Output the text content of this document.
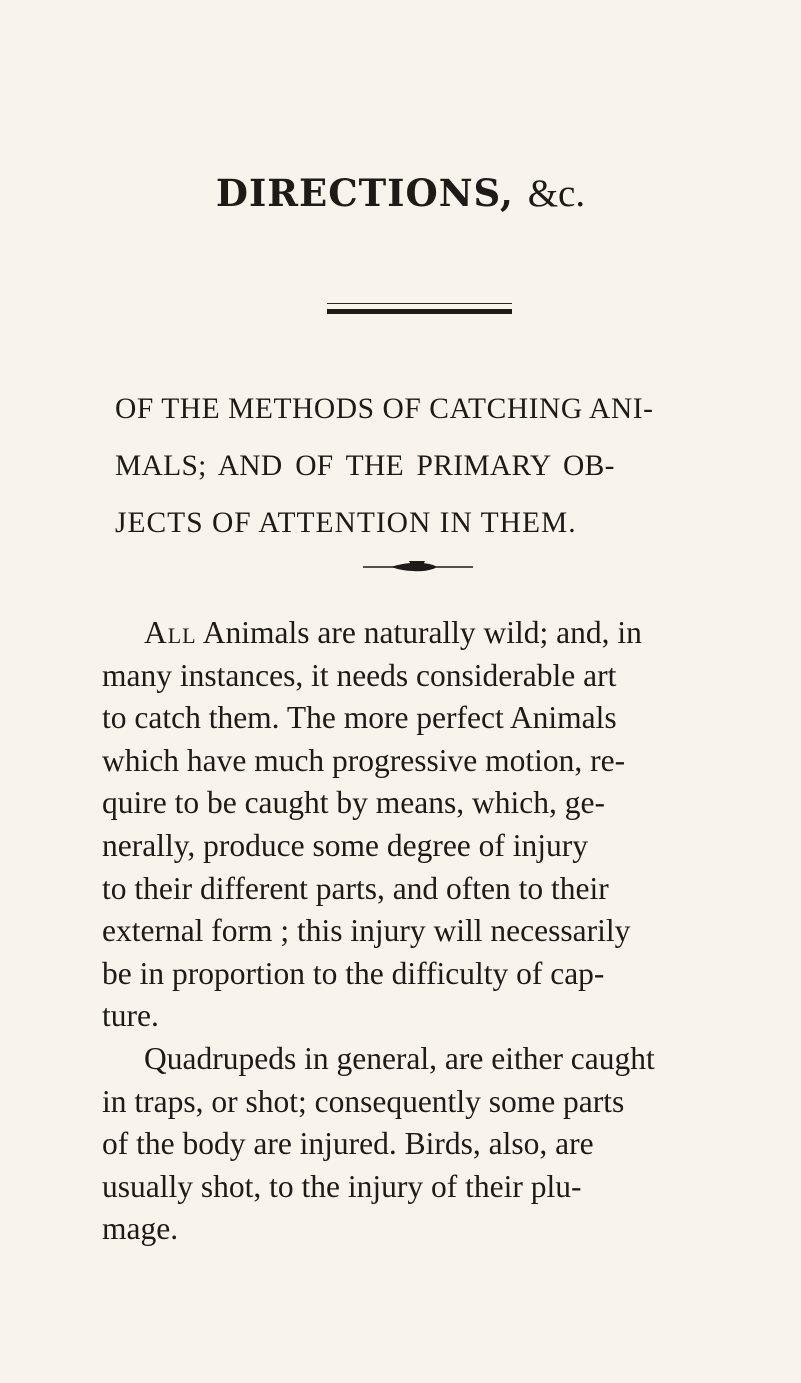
DIRECTIONS, &c.
OF THE METHODS OF CATCHING ANI-
MALS; AND OF THE PRIMARY OB-
JECTS OF ATTENTION IN THEM.
All Animals are naturally wild; and, in
many instances, it needs considerable art
to catch them. The more perfect Animals
which have much progressive motion, re-
quire to be caught by means, which, ge-
nerally, produce some degree of injury
to their different parts, and often to their
external form ; this injury will necessarily
be in proportion to the difficulty of cap-
ture.
Quadrupeds in general, are either caught
in traps, or shot; consequently some parts
of the body are injured. Birds, also, are
usually shot, to the injury of their plu-
mage.
